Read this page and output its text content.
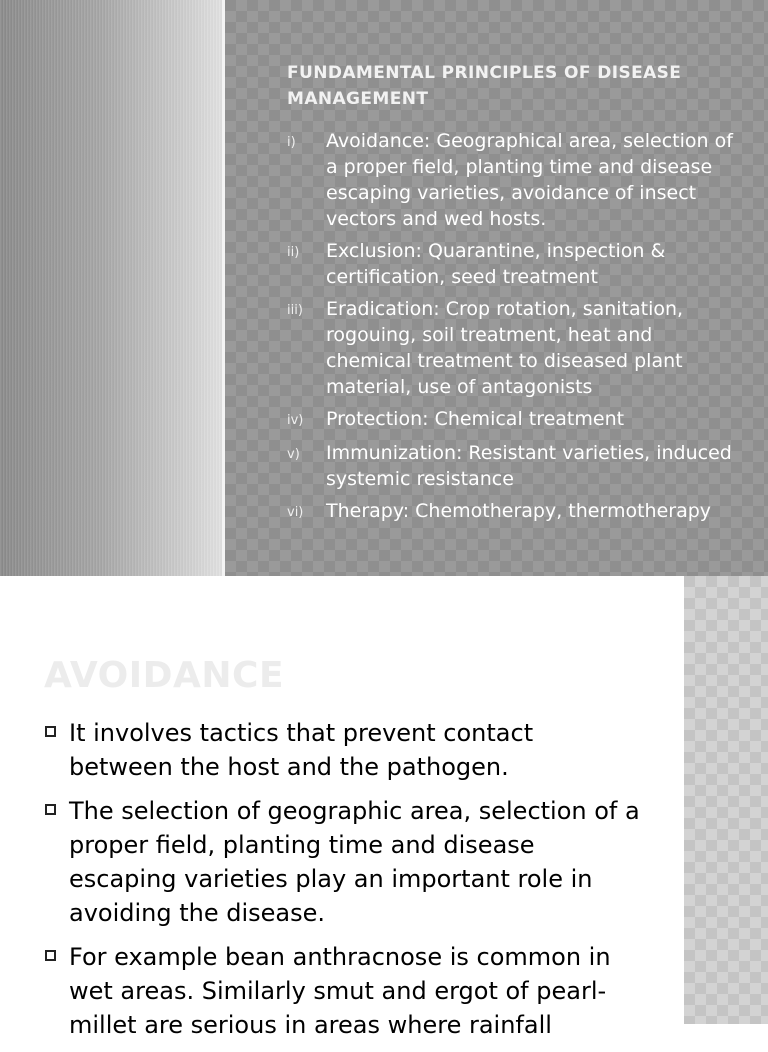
FUNDAMENTAL PRINCIPLES OF DISEASE MANAGEMENT
i)	Avoidance: Geographical area, selection of a proper field, planting time and disease escaping varieties, avoidance of insect vectors and wed hosts.
ii)	Exclusion: Quarantine, inspection & certification, seed treatment
iii)	Eradication: Crop rotation, sanitation, rogouing, soil treatment, heat and chemical treatment to diseased plant material, use of antagonists
iv)	Protection: Chemical treatment
v)	Immunization: Resistant varieties, induced systemic resistance
vi)	Therapy: Chemotherapy, thermotherapy
AVOIDANCE
It involves tactics that prevent contact between the host and the pathogen.
The selection of geographic area, selection of a proper field, planting time and disease escaping varieties play an important role in avoiding the disease.
For example bean anthracnose is common in wet areas. Similarly smut and ergot of pearl-millet are serious in areas where rainfall
